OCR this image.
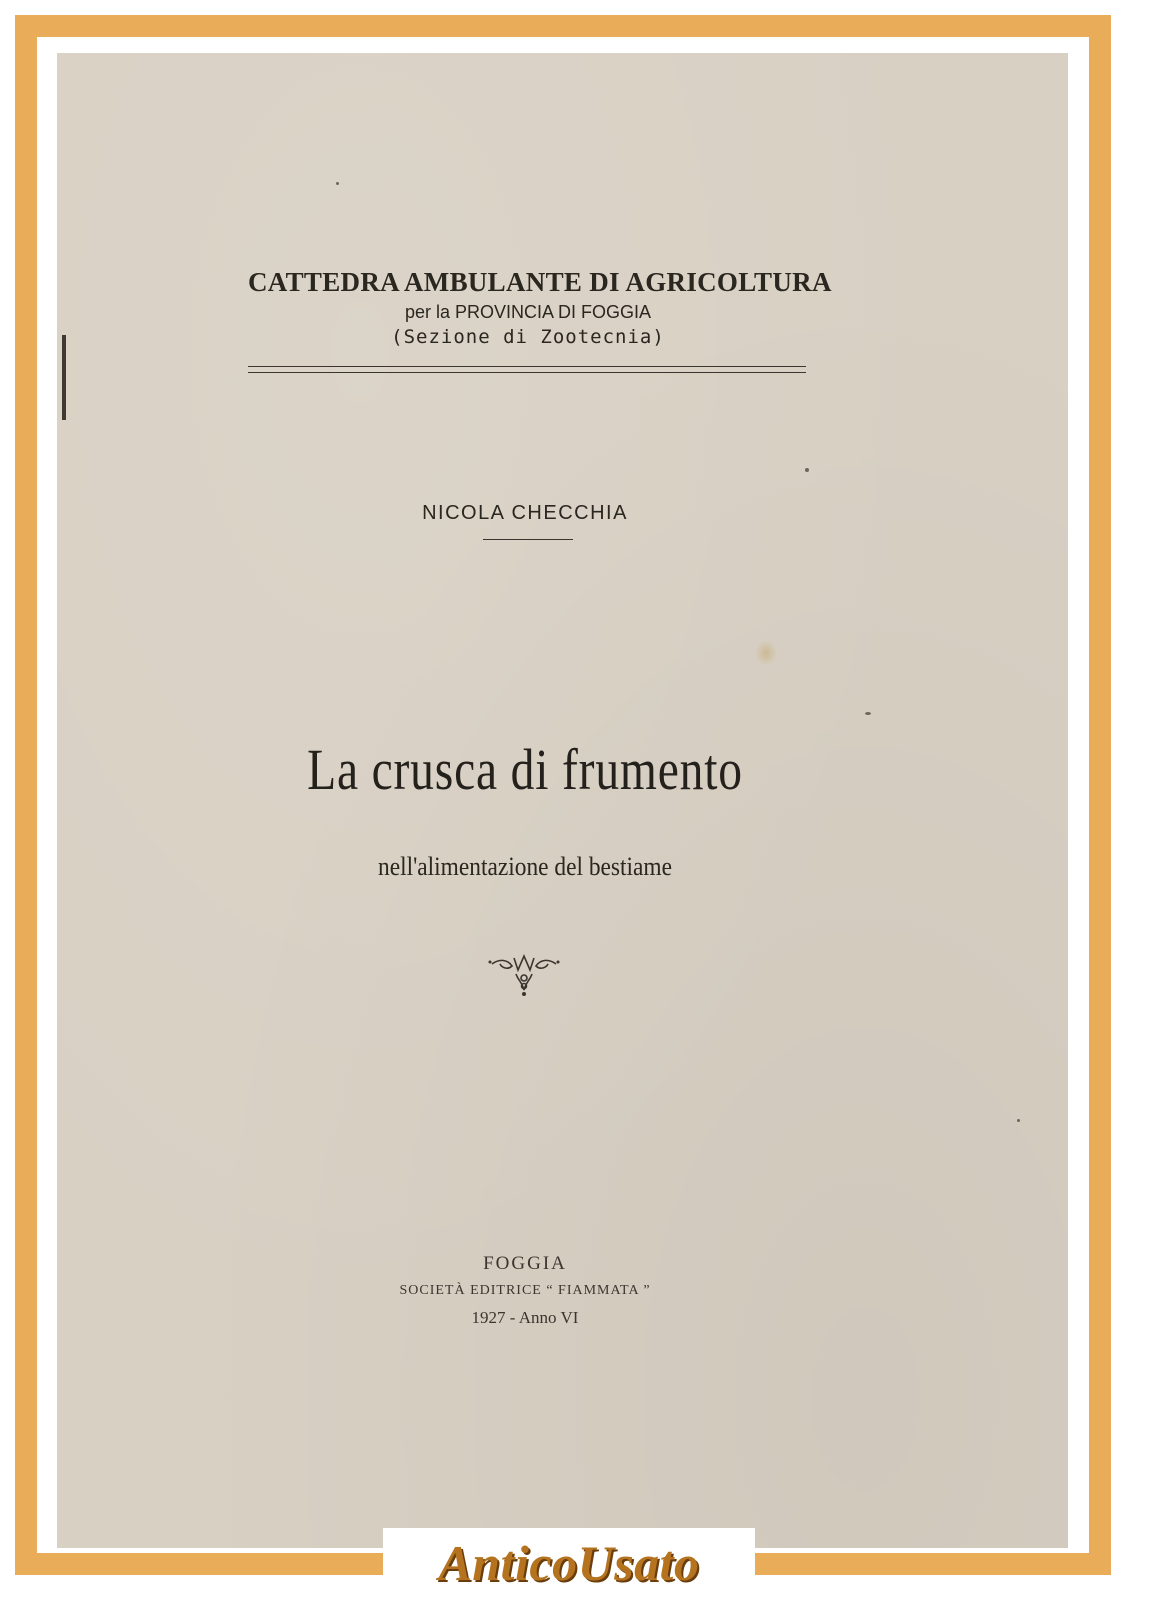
CATTEDRA AMBULANTE DI AGRICOLTURA
per la PROVINCIA DI FOGGIA
(Sezione di Zootecnia)
NICOLA CHECCHIA
La crusca di frumento
nell'alimentazione del bestiame
FOGGIA
SOCIETÀ EDITRICE “ FIAMMATA ”
1927 - Anno VI
AnticoUsato
